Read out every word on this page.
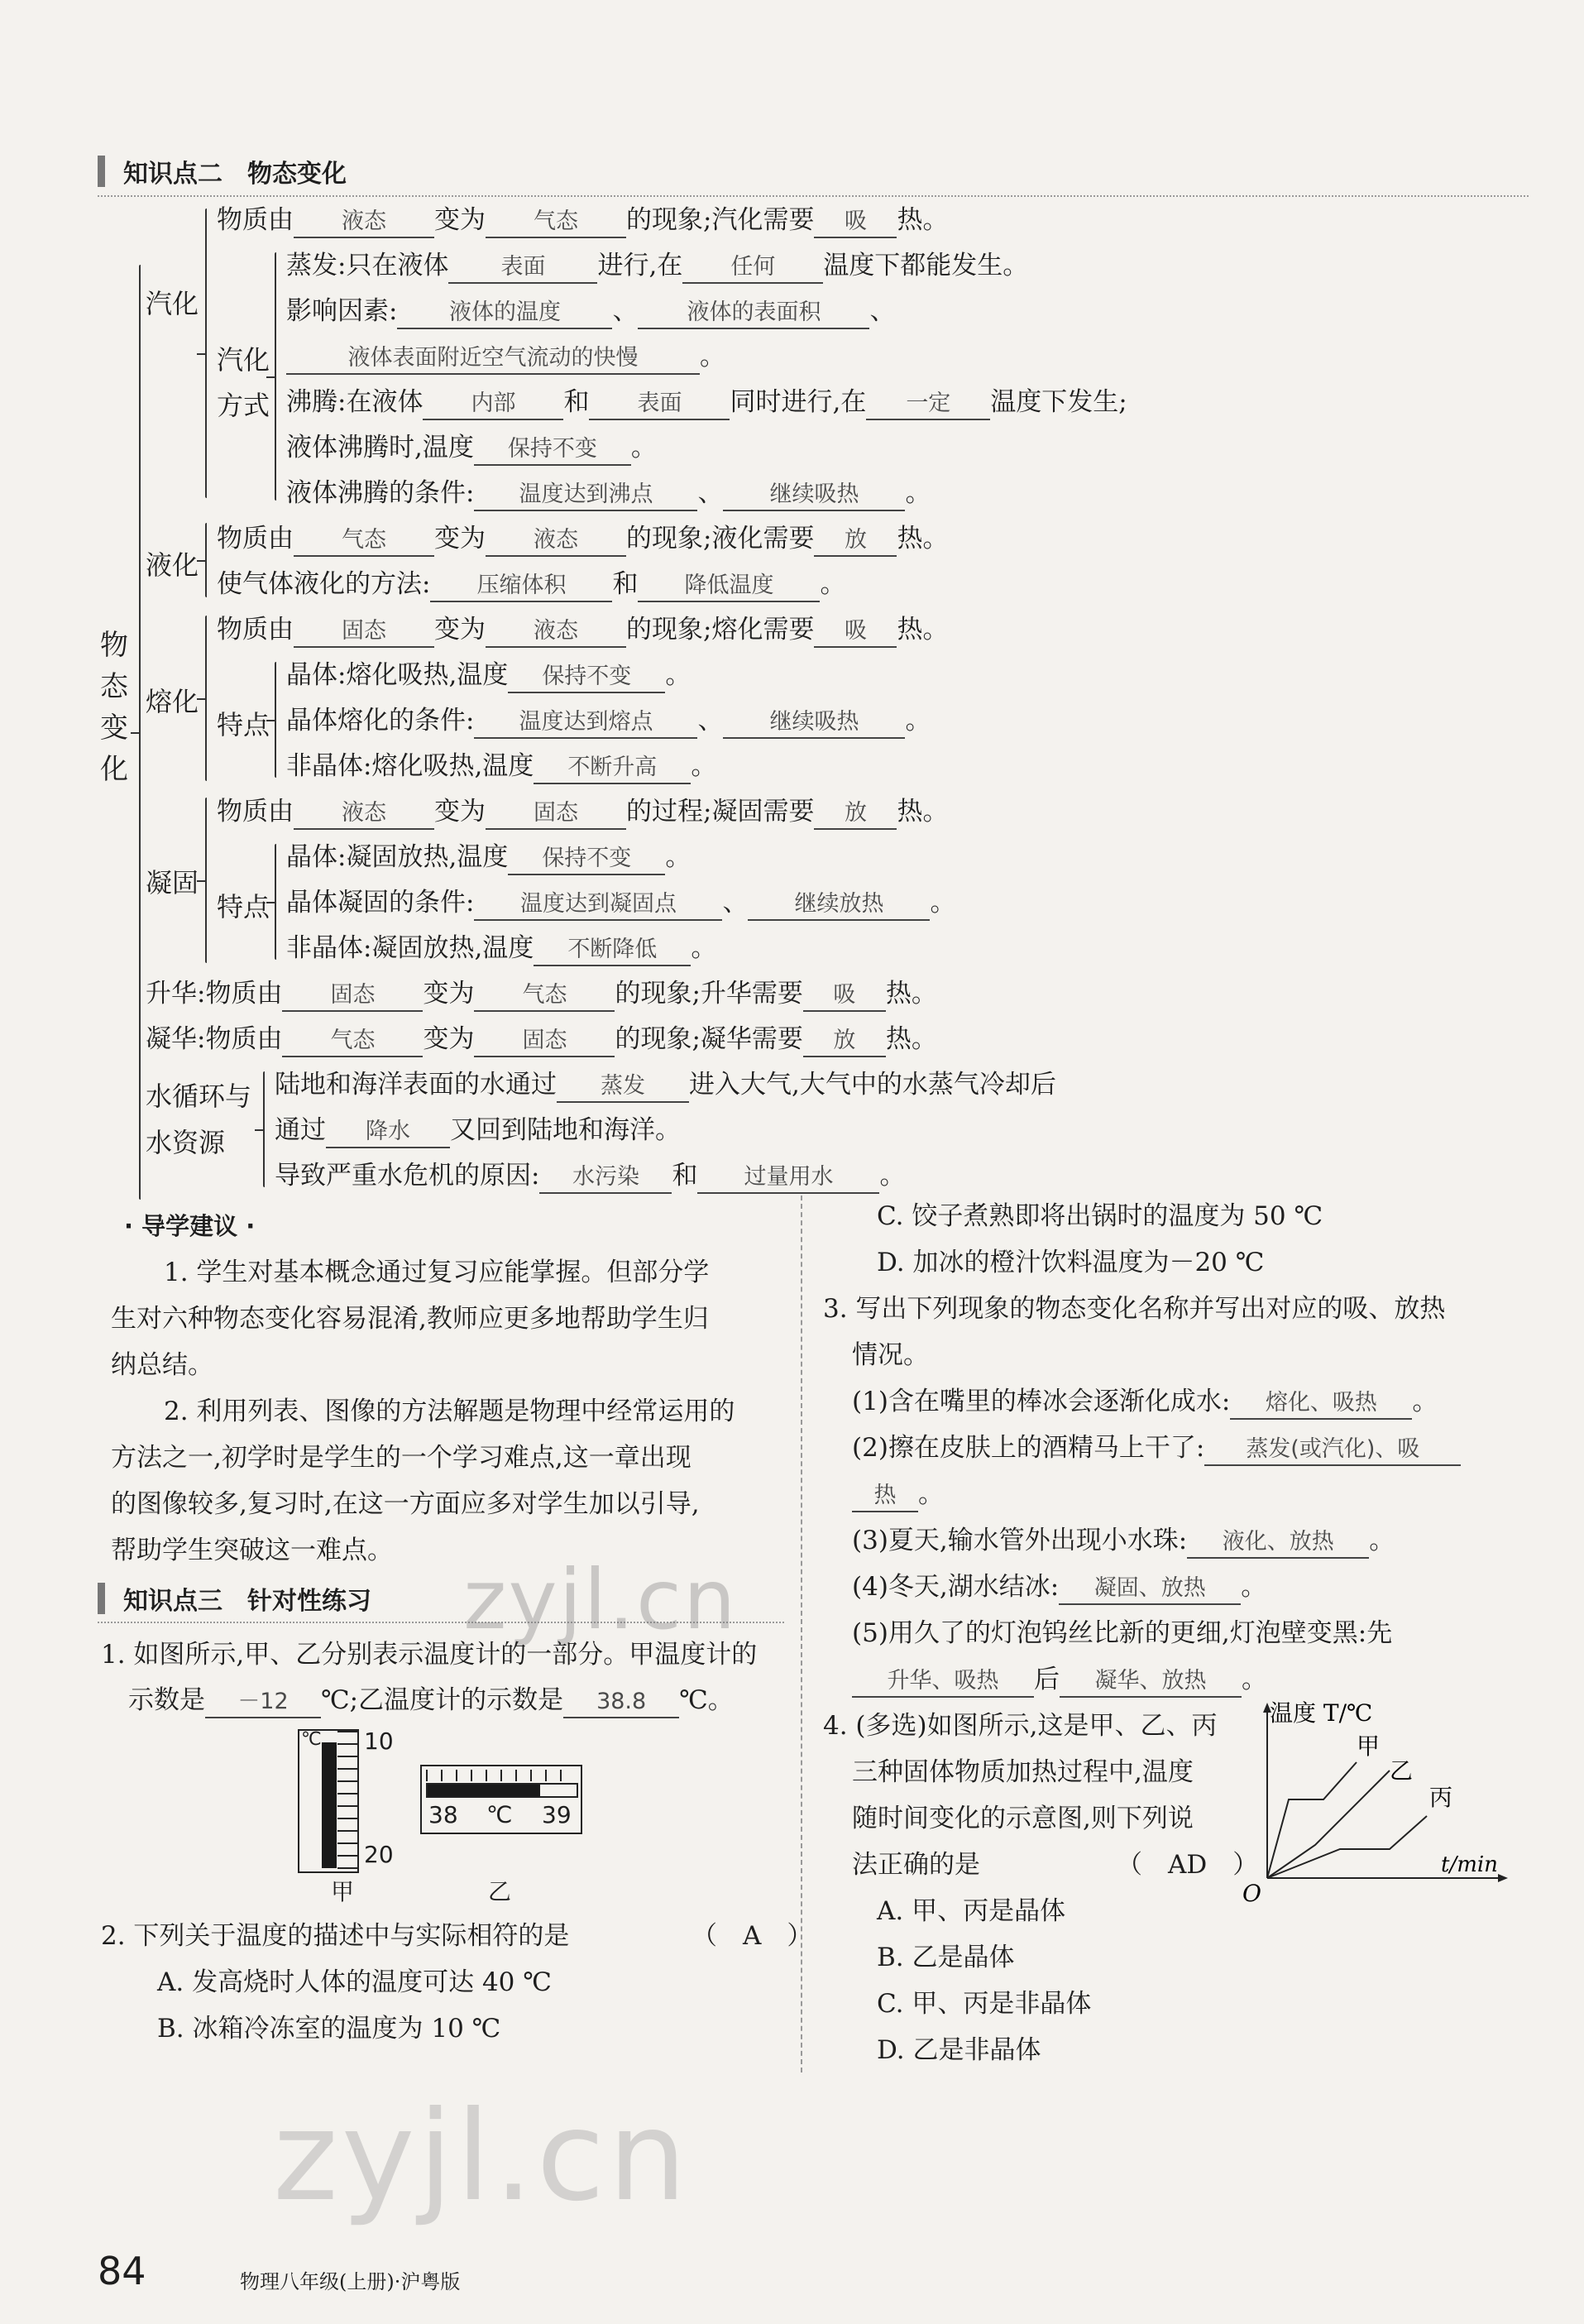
知识点二　物态变化
物态变化
汽化
物质由 液态 变为 气态 的现象;汽化需要 吸 热。
汽化
方式
蒸发:只在液体 表面 进行,在 任何 温度下都能发生。
影响因素: 液体的温度 、 液体的表面积 、
液体表面附近空气流动的快慢 。
沸腾:在液体 内部 和 表面 同时进行,在 一定 温度下发生;
液体沸腾时,温度 保持不变 。
液体沸腾的条件: 温度达到沸点 、 继续吸热 。
液化
物质由 气态 变为 液态 的现象;液化需要 放 热。
使气体液化的方法: 压缩体积 和 降低温度 。
熔化
物质由 固态 变为 液态 的现象;熔化需要 吸 热。
特点
晶体:熔化吸热,温度 保持不变 。
晶体熔化的条件: 温度达到熔点 、 继续吸热 。
非晶体:熔化吸热,温度 不断升高 。
凝固
物质由 液态 变为 固态 的过程;凝固需要 放 热。
特点
晶体:凝固放热,温度 保持不变 。
晶体凝固的条件: 温度达到凝固点 、 继续放热 。
非晶体:凝固放热,温度 不断降低 。
升华:物质由 固态 变为 气态 的现象;升华需要 吸 热。
凝华:物质由 气态 变为 固态 的现象;凝华需要 放 热。
水循环与
水资源
陆地和海洋表面的水通过 蒸发 进入大气,大气中的水蒸气冷却后
通过 降水 又回到陆地和海洋。
导致严重水危机的原因: 水污染 和 过量用水 。
· 导学建议 ·
1. 学生对基本概念通过复习应能掌握。但部分学
生对六种物态变化容易混淆,教师应更多地帮助学生归
纳总结。
2. 利用列表、图像的方法解题是物理中经常运用的
方法之一,初学时是学生的一个学习难点,这一章出现
的图像较多,复习时,在这一方面应多对学生加以引导,
帮助学生突破这一难点。
知识点三　针对性练习 zyjl.cn
1. 如图所示,甲、乙分别表示温度计的一部分。甲温度计的
示数是 －12 ℃;乙温度计的示数是 38.8 ℃。
℃ 10
20
甲
38 ℃ 39
乙
2. 下列关于温度的描述中与实际相符的是	（　A　）
A. 发高烧时人体的温度可达 40 ℃
B. 冰箱冷冻室的温度为 10 ℃
C. 饺子煮熟即将出锅时的温度为 50 ℃
D. 加冰的橙汁饮料温度为－20 ℃
3. 写出下列现象的物态变化名称并写出对应的吸、放热
情况。
(1)含在嘴里的棒冰会逐渐化成水: 熔化、吸热 。
(2)擦在皮肤上的酒精马上干了: 蒸发(或汽化)、吸
热 。
(3)夏天,输水管外出现小水珠: 液化、放热 。
(4)冬天,湖水结冰: 凝固、放热 。
(5)用久了的灯泡钨丝比新的更细,灯泡壁变黑:先
升华、吸热 后 凝华、放热 。
4. (多选)如图所示,这是甲、乙、丙
三种固体物质加热过程中,温度
随时间变化的示意图,则下列说
法正确的是	（　AD　）
A. 甲、丙是晶体
B. 乙是晶体
C. 甲、丙是非晶体
D. 乙是非晶体
温度 T/℃
t/min
O
甲
乙
丙
zyjl.cn
84	物理八年级(上册)·沪粤版
